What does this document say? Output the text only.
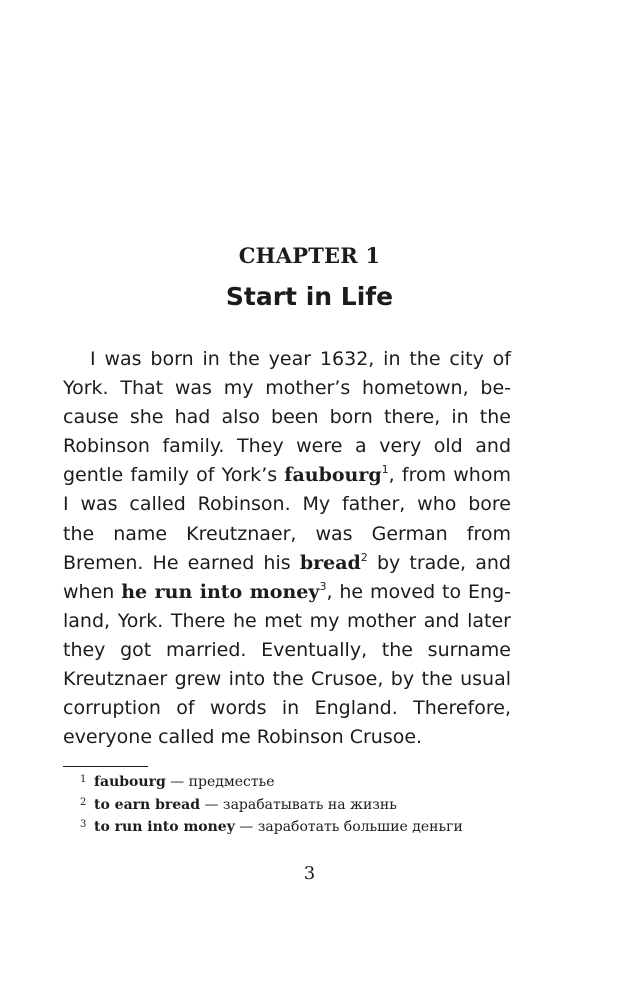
CHAPTER 1
Start in Life
I was born in the year 1632, in the city of
York. That was my mother’s hometown, be-
cause she had also been born there, in the
Robinson family. They were a very old and
gentle family of York’s faubourg$^1$, from whom
I was called Robinson. My father, who bore
the name Kreutznaer, was German from
Bremen. He earned his bread$^2$ by trade, and
when he run into money$^3$, he moved to Eng-
land, York. There he met my mother and later
they got married. Eventually, the surname
Kreutznaer grew into the Crusoe, by the usual
corruption of words in England. Therefore,
everyone called me Robinson Crusoe.
1 faubourg — предместье
2 to earn bread — зарабатывать на жизнь
3 to run into money — заработать большие деньги
3
